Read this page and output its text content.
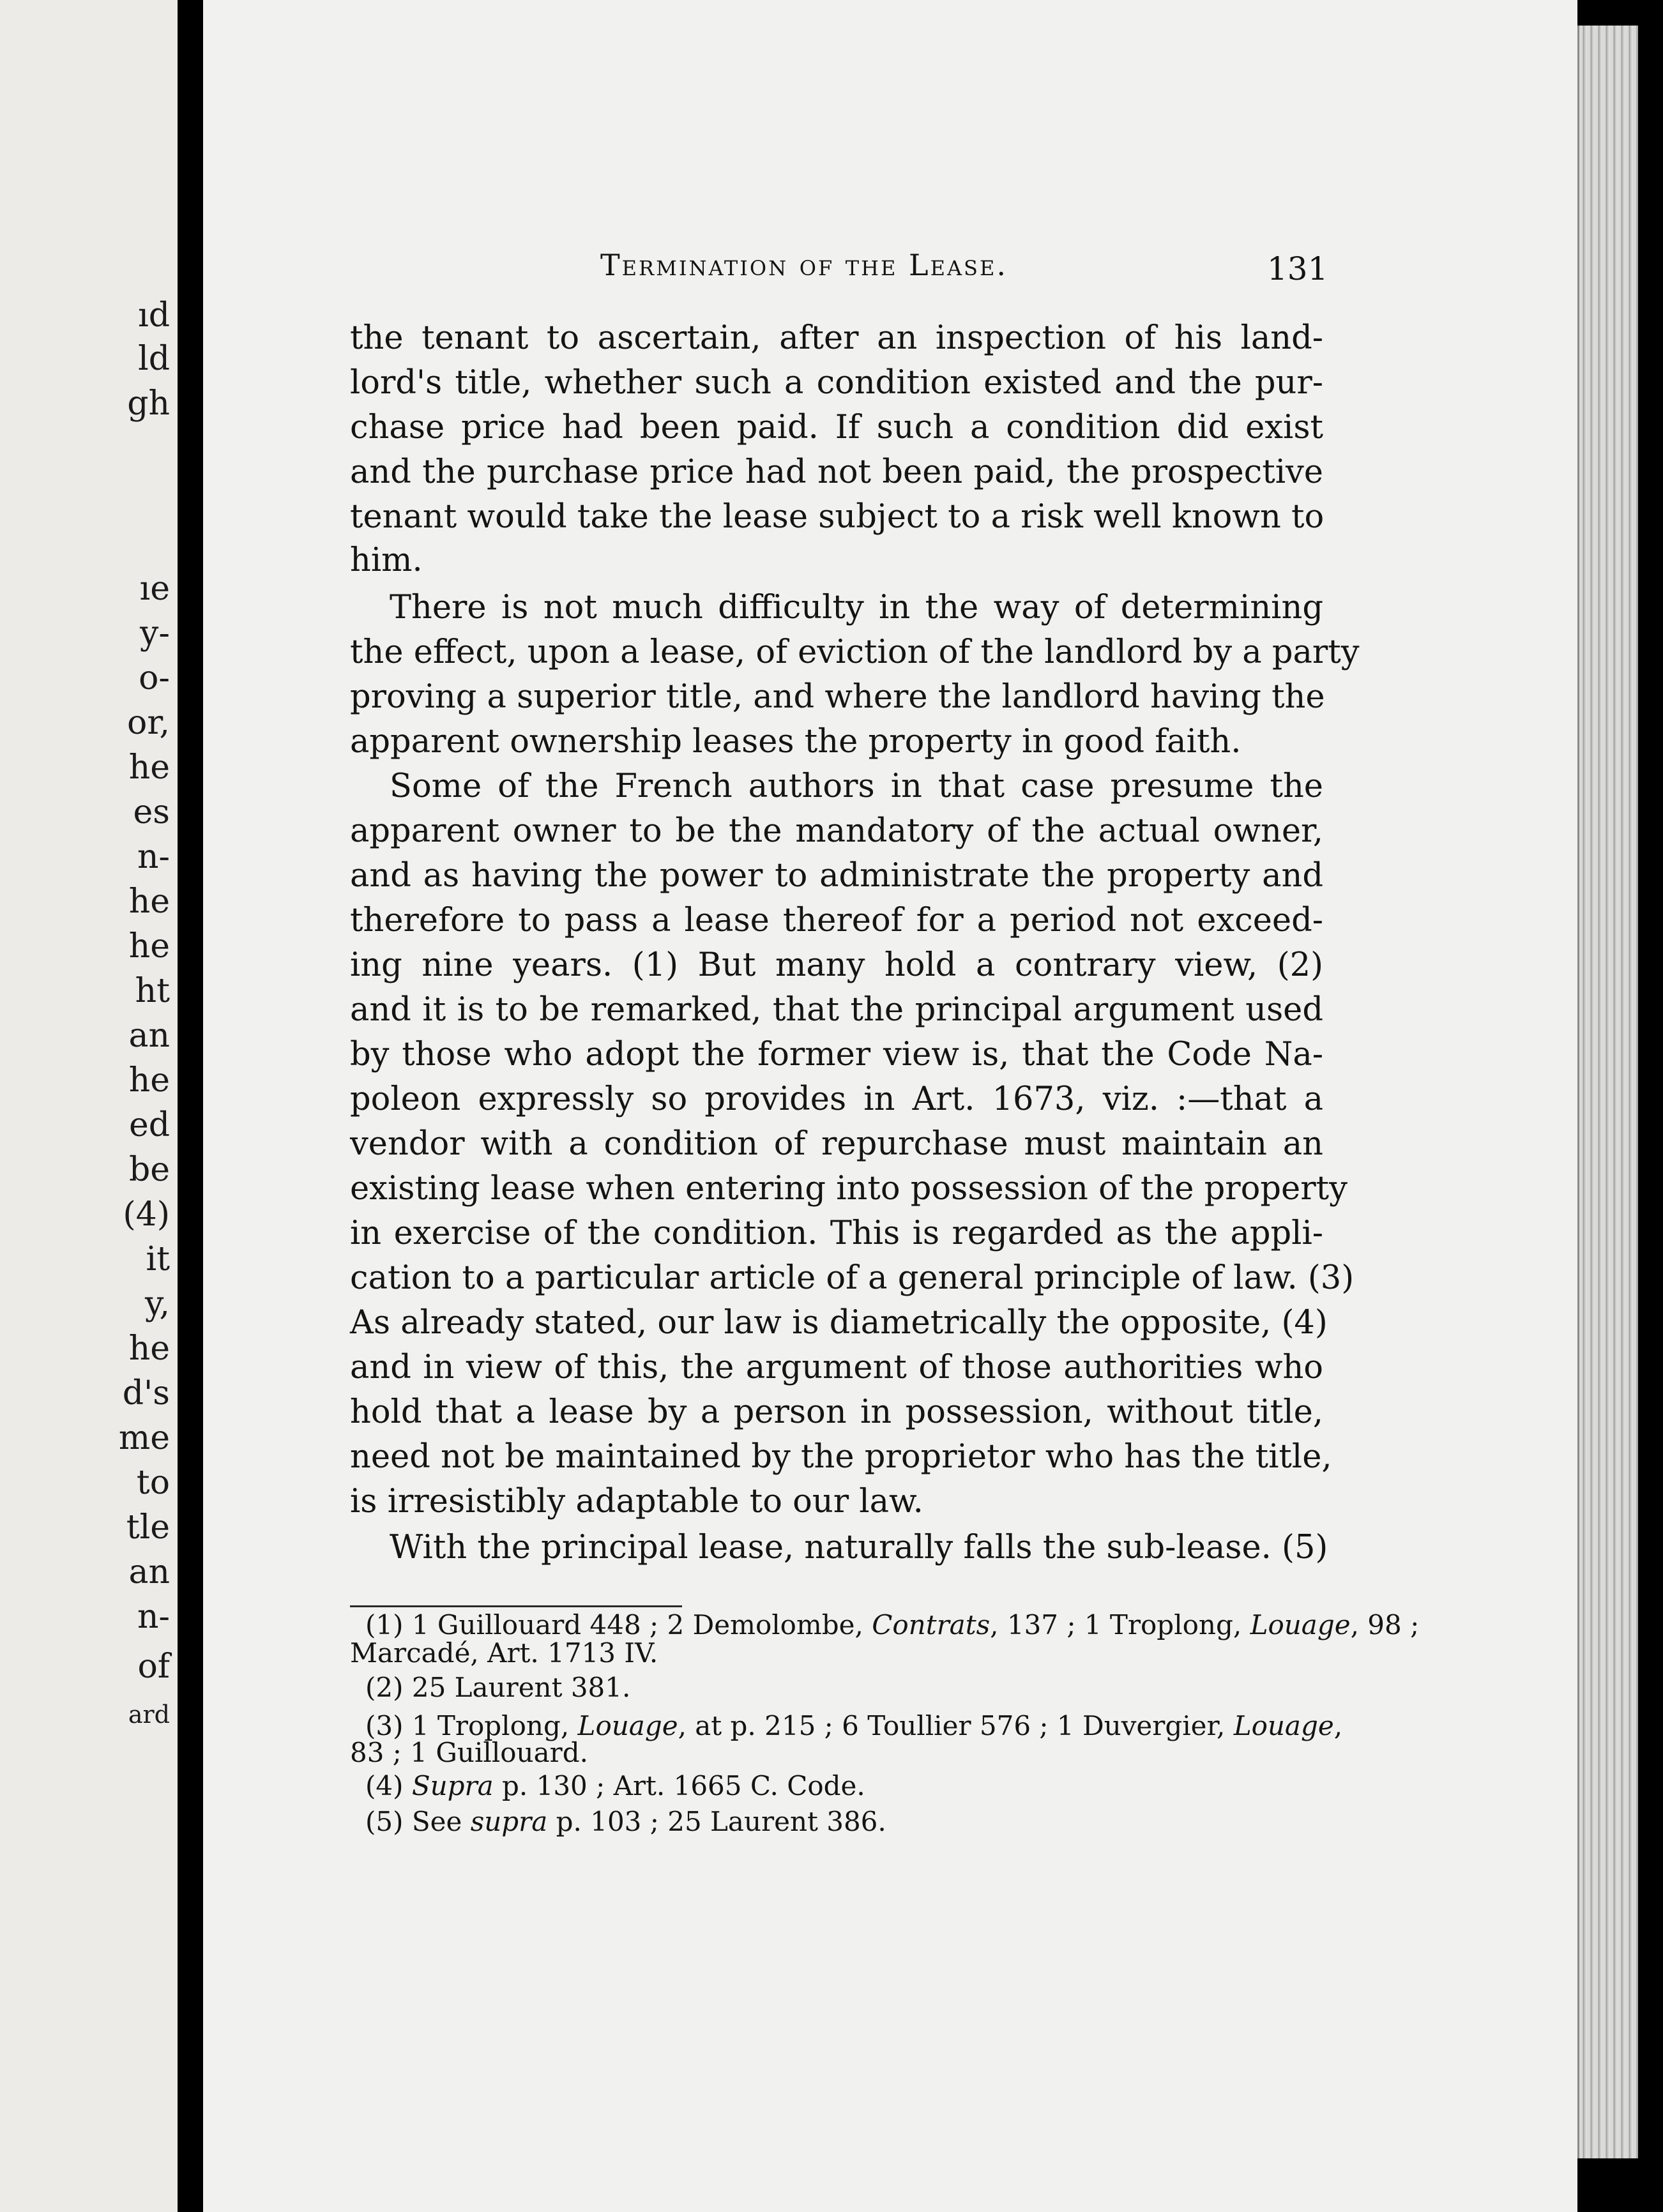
ıd
ld
gh
ıe
y-
o-
or,
he
es
n-
he
he
ht
an
he
ed
be
(4)
it
y,
he
d's
me
to
tle
an
n-
of
ard
Termination of the Lease.	131
the tenant to ascertain, after an inspection of his land-
lord's title, whether such a condition existed and the pur-
chase price had been paid. If such a condition did exist
and the purchase price had not been paid, the prospective
tenant would take the lease subject to a risk well known to
him.
There is not much difficulty in the way of determining
the effect, upon a lease, of eviction of the landlord by a party
proving a superior title, and where the landlord having the
apparent ownership leases the property in good faith.
Some of the French authors in that case presume the
apparent owner to be the mandatory of the actual owner,
and as having the power to administrate the property and
therefore to pass a lease thereof for a period not exceed-
ing nine years. (1) But many hold a contrary view, (2)
and it is to be remarked, that the principal argument used
by those who adopt the former view is, that the Code Na-
poleon expressly so provides in Art. 1673, viz. :—that a
vendor with a condition of repurchase must maintain an
existing lease when entering into possession of the property
in exercise of the condition. This is regarded as the appli-
cation to a particular article of a general principle of law. (3)
As already stated, our law is diametrically the opposite, (4)
and in view of this, the argument of those authorities who
hold that a lease by a person in possession, without title,
need not be maintained by the proprietor who has the title,
is irresistibly adaptable to our law.
With the principal lease, naturally falls the sub-lease. (5)
(1) 1 Guillouard 448 ; 2 Demolombe, Contrats, 137 ; 1 Troplong, Louage, 98 ;
Marcadé, Art. 1713 IV.
(2) 25 Laurent 381.
(3) 1 Troplong, Louage, at p. 215 ; 6 Toullier 576 ; 1 Duvergier, Louage,
83 ; 1 Guillouard.
(4) Supra p. 130 ; Art. 1665 C. Code.
(5) See supra p. 103 ; 25 Laurent 386.
